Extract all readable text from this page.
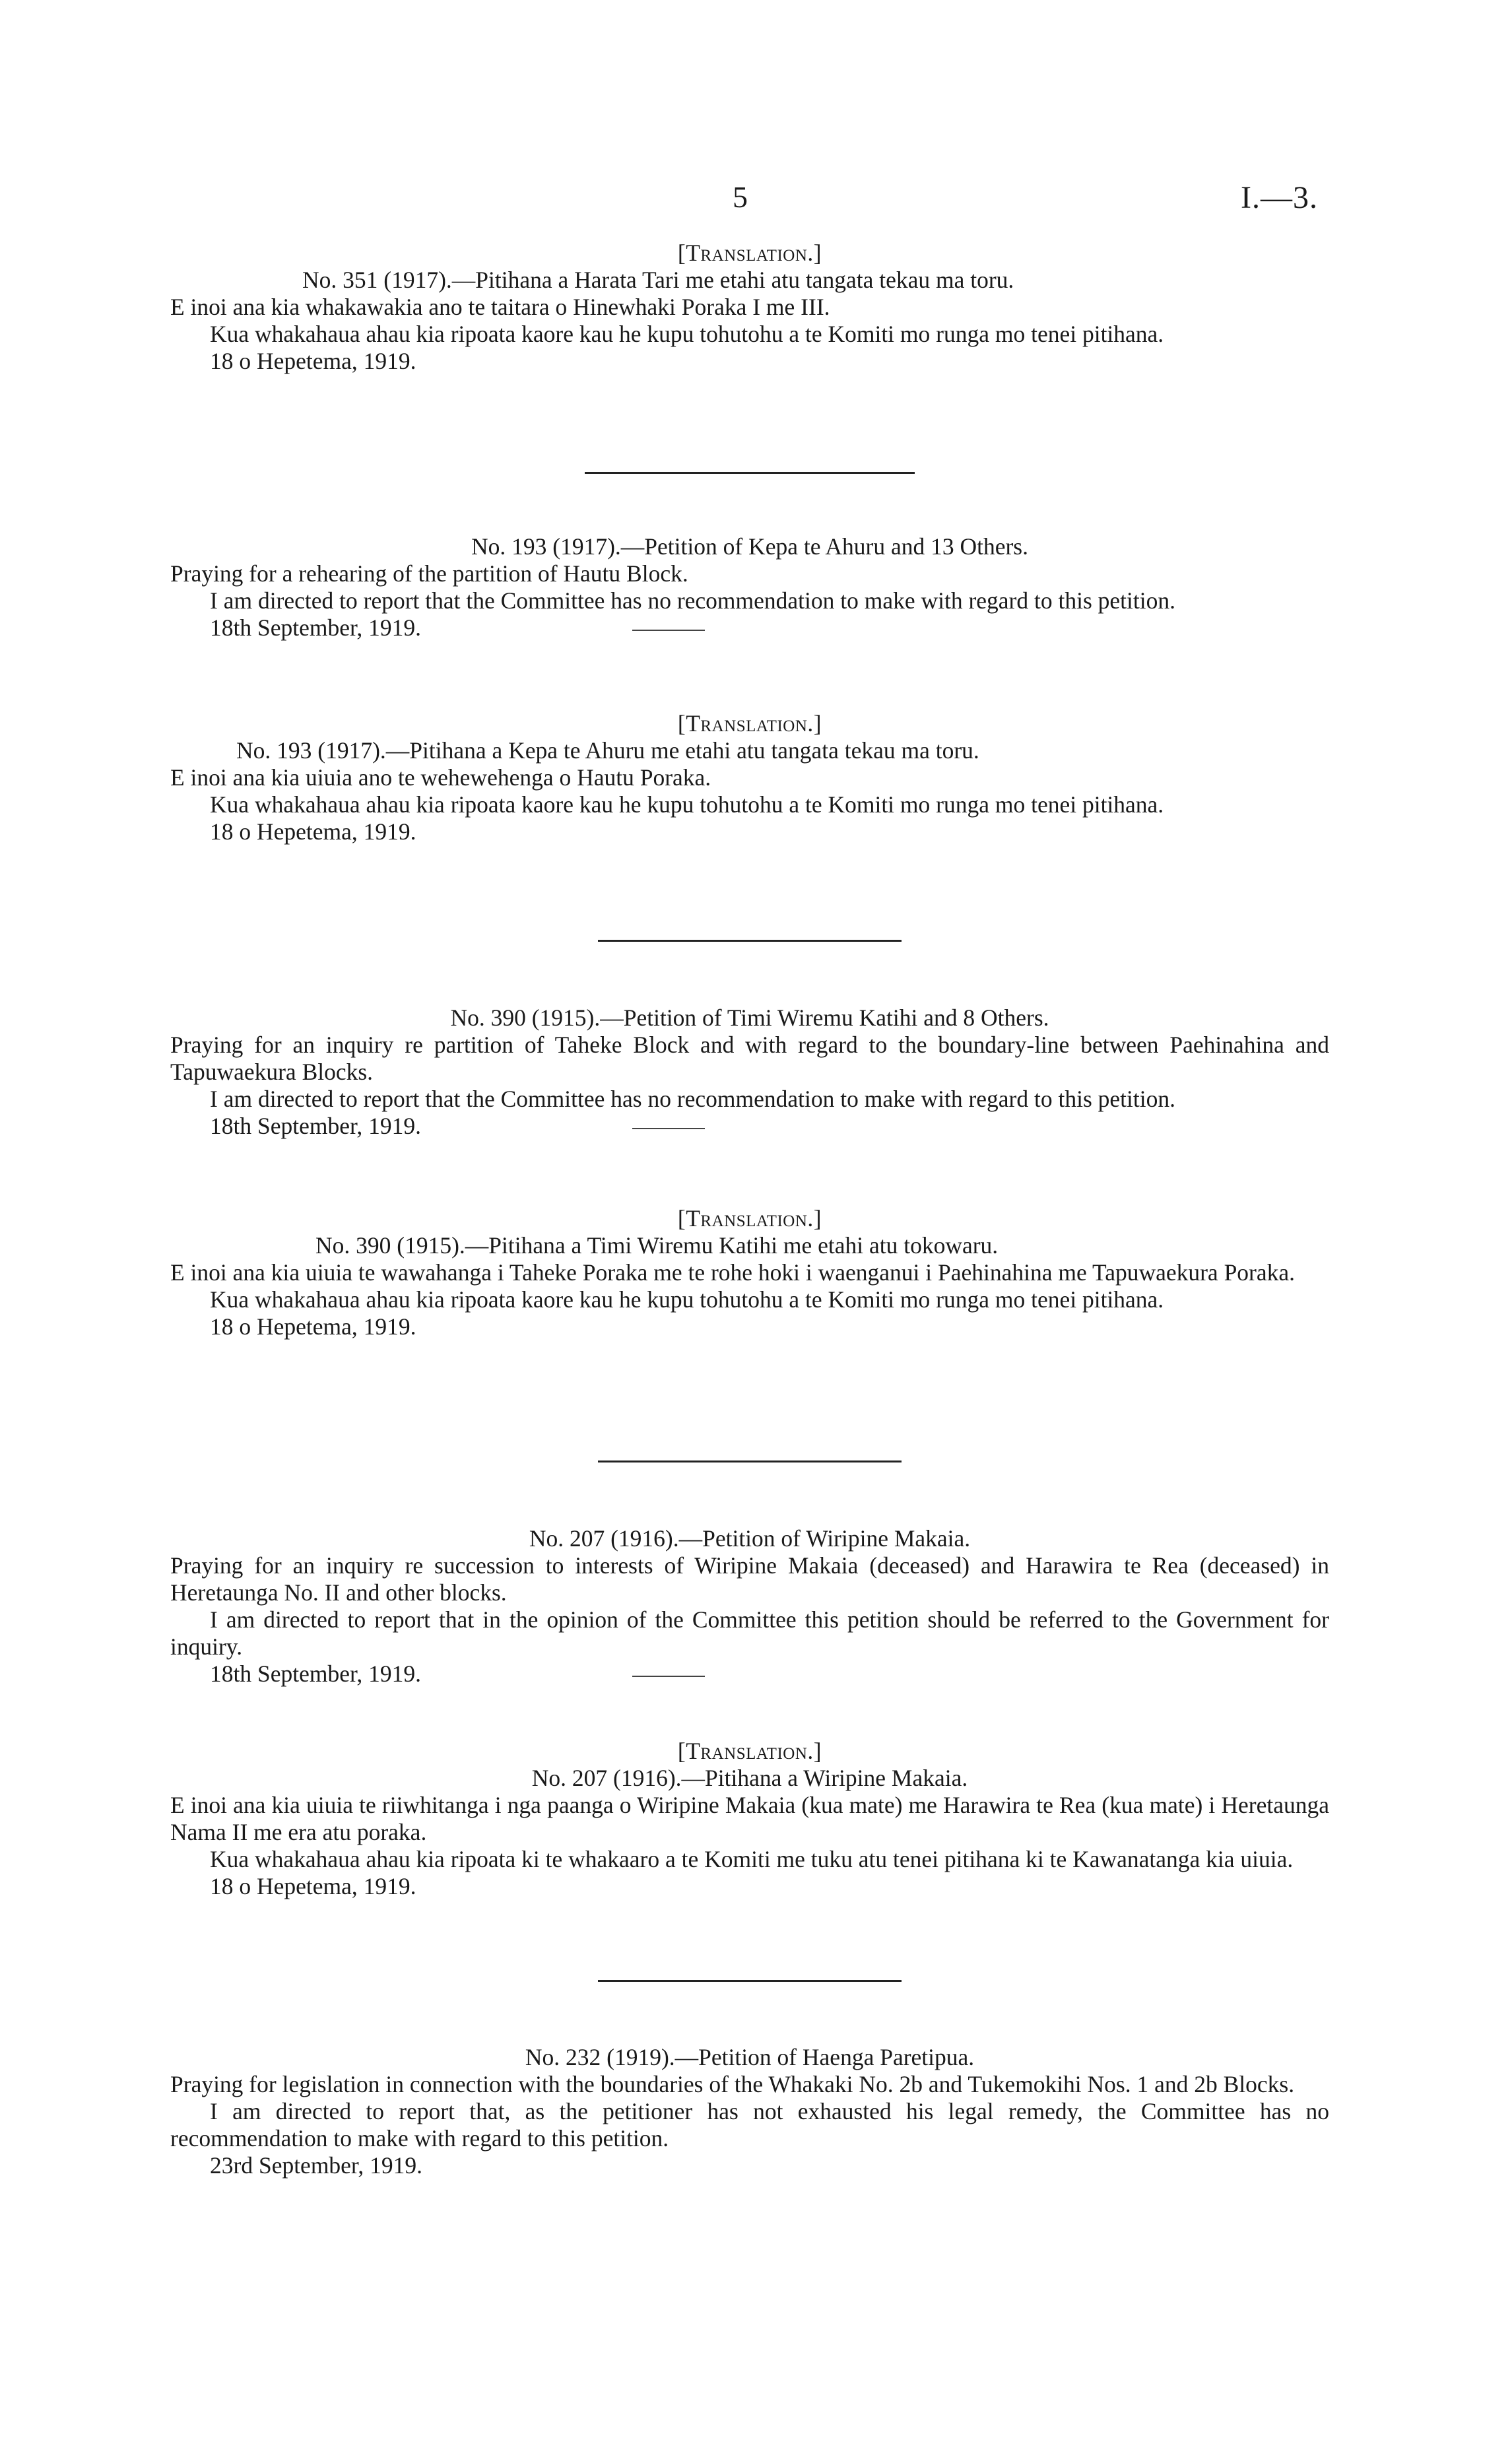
5	I.—3.
[Translation.]
No. 351 (1917).—Pitihana a Harata Tari me etahi atu tangata tekau ma toru.

E inoi ana kia whakawakia ano te taitara o Hinewhaki Poraka I me III.

Kua whakahaua ahau kia ripoata kaore kau he kupu tohutohu a te Komiti mo runga mo tenei pitihana.

18 o Hepetema, 1919.

No. 193 (1917).—Petition of Kepa te Ahuru and 13 Others.

Praying for a rehearing of the partition of Hautu Block.

I am directed to report that the Committee has no recommendation to make with regard to this petition.

18th September, 1919.

[Translation.]
No. 193 (1917).—Pitihana a Kepa te Ahuru me etahi atu tangata tekau ma toru.

E inoi ana kia uiuia ano te wehewehenga o Hautu Poraka.

Kua whakahaua ahau kia ripoata kaore kau he kupu tohutohu a te Komiti mo runga mo tenei pitihana.

18 o Hepetema, 1919.

No. 390 (1915).—Petition of Timi Wiremu Katihi and 8 Others.

Praying for an inquiry re partition of Taheke Block and with regard to the boundary-line between Paehinahina and Tapuwaekura Blocks.

I am directed to report that the Committee has no recommendation to make with regard to this petition.

18th September, 1919.

[Translation.]
No. 390 (1915).—Pitihana a Timi Wiremu Katihi me etahi atu tokowaru.

E inoi ana kia uiuia te wawahanga i Taheke Poraka me te rohe hoki i waenganui i Paehinahina me Tapuwaekura Poraka.

Kua whakahaua ahau kia ripoata kaore kau he kupu tohutohu a te Komiti mo runga mo tenei pitihana.

18 o Hepetema, 1919.

No. 207 (1916).—Petition of Wiripine Makaia.

Praying for an inquiry re succession to interests of Wiripine Makaia (deceased) and Harawira te Rea (deceased) in Heretaunga No. II and other blocks.

I am directed to report that in the opinion of the Committee this petition should be referred to the Government for inquiry.

18th September, 1919.

[Translation.]
No. 207 (1916).—Pitihana a Wiripine Makaia.

E inoi ana kia uiuia te riiwhitanga i nga paanga o Wiripine Makaia (kua mate) me Harawira te Rea (kua mate) i Heretaunga Nama II me era atu poraka.

Kua whakahaua ahau kia ripoata ki te whakaaro a te Komiti me tuku atu tenei pitihana ki te Kawanatanga kia uiuia.

18 o Hepetema, 1919.

No. 232 (1919).—Petition of Haenga Paretipua.

Praying for legislation in connection with the boundaries of the Whakaki No. 2b and Tukemokihi Nos. 1 and 2b Blocks.

I am directed to report that, as the petitioner has not exhausted his legal remedy, the Committee has no recommendation to make with regard to this petition.

23rd September, 1919.
